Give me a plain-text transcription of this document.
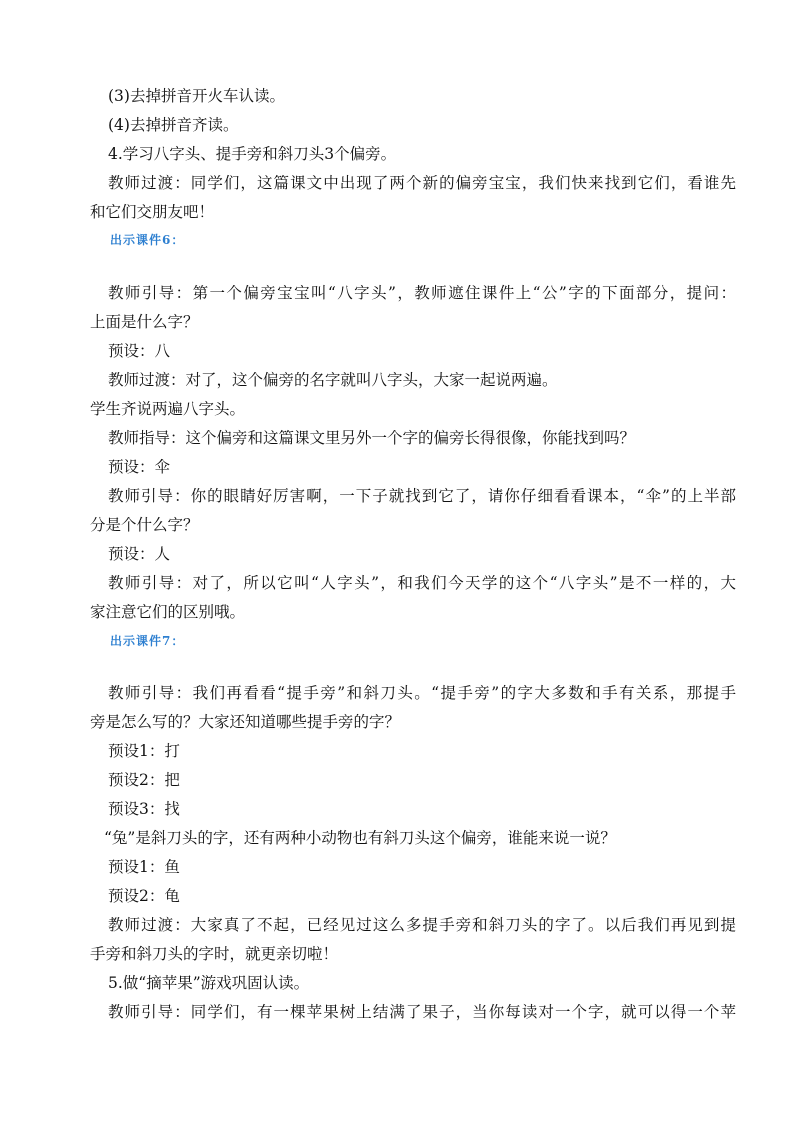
(3)去掉拼音开火车认读。
(4)去掉拼音齐读。
4.学习八字头、提手旁和斜刀头3个偏旁。
教师过渡：同学们，这篇课文中出现了两个新的偏旁宝宝，我们快来找到它们，看谁先
和它们交朋友吧！
出示课件6：
教师引导：第一个偏旁宝宝叫“八字头”，教师遮住课件上“公”字的下面部分，提问：
上面是什么字？
预设：八
教师过渡：对了，这个偏旁的名字就叫八字头，大家一起说两遍。
学生齐说两遍八字头。
教师指导：这个偏旁和这篇课文里另外一个字的偏旁长得很像，你能找到吗？
预设：伞
教师引导：你的眼睛好厉害啊，一下子就找到它了，请你仔细看看课本，“伞”的上半部
分是个什么字？
预设：人
教师引导：对了，所以它叫“人字头”，和我们今天学的这个“八字头”是不一样的，大
家注意它们的区别哦。
出示课件7：
教师引导：我们再看看“提手旁”和斜刀头。“提手旁”的字大多数和手有关系，那提手
旁是怎么写的？大家还知道哪些提手旁的字？
预设1：打
预设2：把
预设3：找
“兔”是斜刀头的字，还有两种小动物也有斜刀头这个偏旁，谁能来说一说？
预设1：鱼
预设2：龟
教师过渡：大家真了不起，已经见过这么多提手旁和斜刀头的字了。以后我们再见到提
手旁和斜刀头的字时，就更亲切啦！
5.做“摘苹果”游戏巩固认读。
教师引导：同学们，有一棵苹果树上结满了果子，当你每读对一个字，就可以得一个苹
